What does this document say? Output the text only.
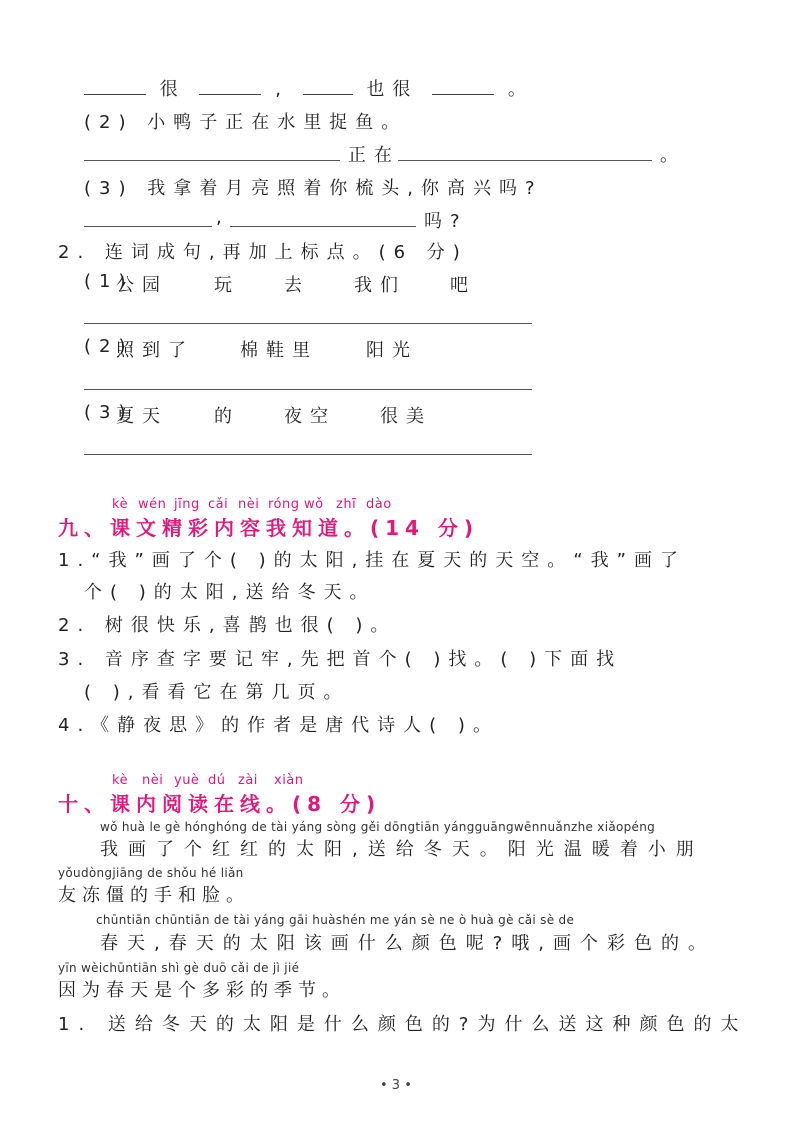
很	,	也很	。
(2) 小鸭子正在水里捉鱼。
正在	。
(3) 我拿着月亮照着你梳头,你高兴吗?
,	吗?
2. 连词成句,再加上标点。(6 分)
(1)
公园	玩 去 我们 吧
(2)
照到了	棉鞋里	阳光
(3)
夏天	的 夜空 很美
kè wén jīng cǎi nèi róng wǒ zhī dào
九、课文精彩内容我知道。(14 分)
1.“我”画了个( )的太阳,挂在夏天的天空。“我”画了
个( )的太阳,送给冬天。
2. 树很快乐,喜鹊也很( )。
3. 音序查字要记牢,先把首个( )找。( )下面找
( ),看看它在第几页。
4.《静夜思》的作者是唐代诗人( )。
kè nèi yuè dú zài xiàn
十、课内阅读在线。(8 分)
wǒ huà le gè hónghóng de tài yáng sòng gěi dōngtiān yángguāngwēnnuǎnzhe xiǎopéng
我画了个红红的太阳,送给冬天。阳光温暖着小朋
yǒudòngjiāng de shǒu hé liǎn
友冻僵的手和脸。
chūntiān chūntiān de tài yáng gāi huàshén me yán sè ne ò huà gè cǎi sè de
春天,春天的太阳该画什么颜色呢?哦,画个彩色的。
yīn wèichūntiān shì gè duō cǎi de jì jié
因为春天是个多彩的季节。
1. 送给冬天的太阳是什么颜色的?为什么送这种颜色的太
• 3 •
